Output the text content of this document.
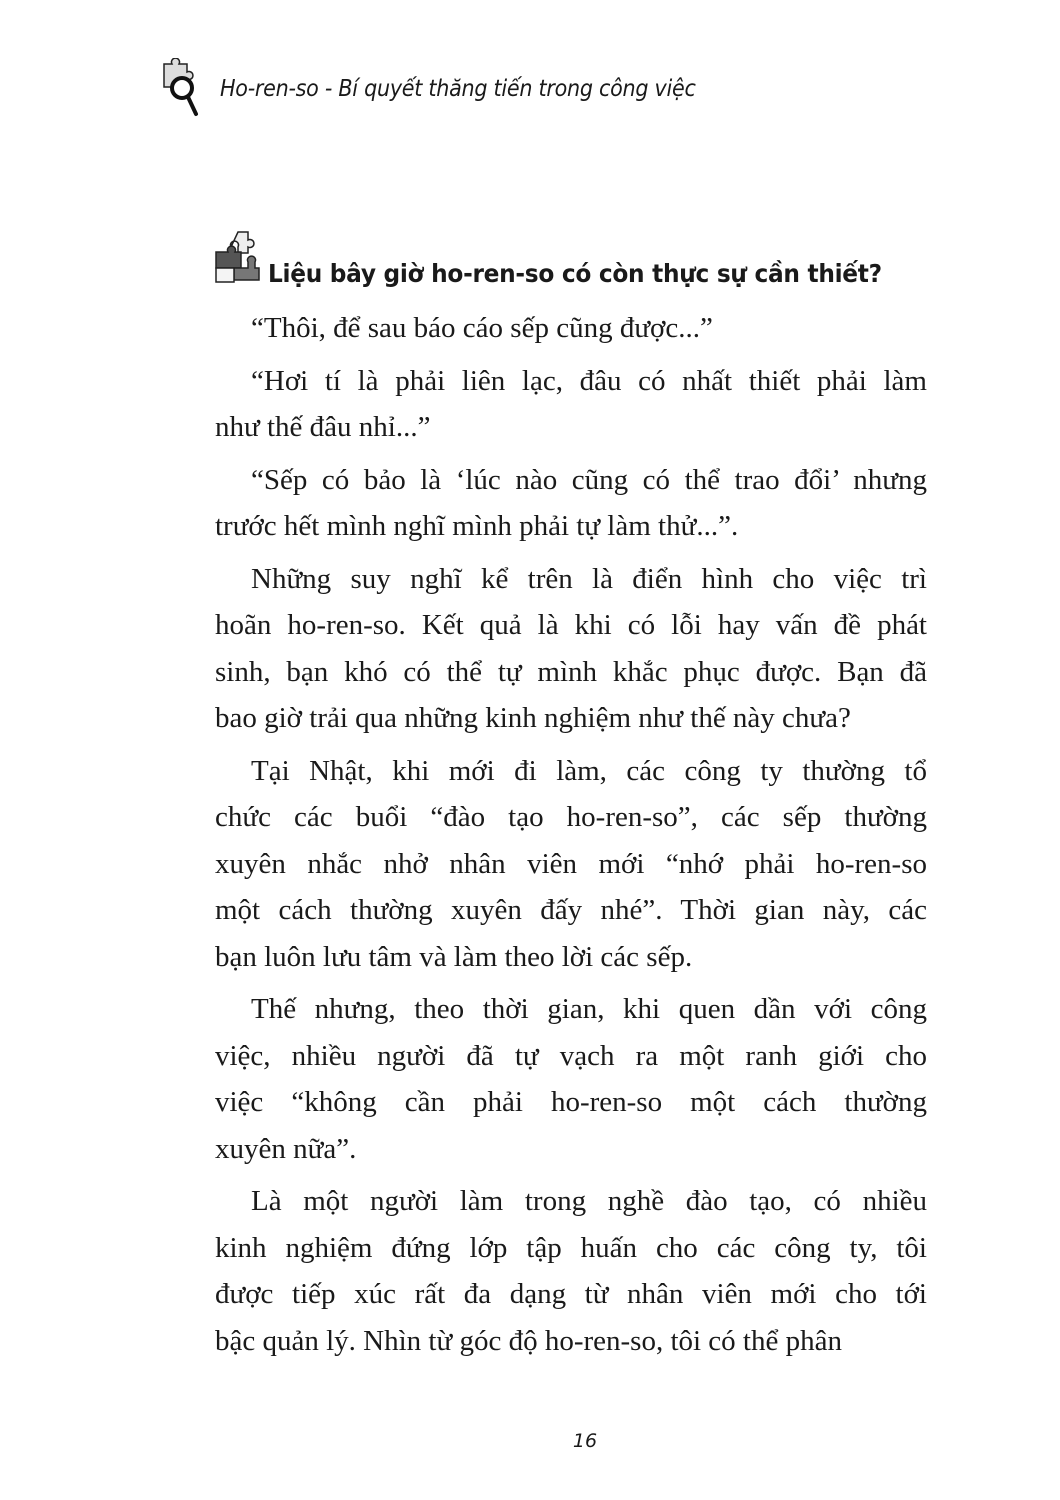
Ho-ren-so - Bí quyết thăng tiến trong công việc
Liệu bây giờ ho-ren-so có còn thực sự cần thiết?
“Thôi, để sau báo cáo sếp cũng được...”
“Hơi tí là phải liên lạc, đâu có nhất thiết phải làm
như thế đâu nhỉ...”
“Sếp có bảo là ‘lúc nào cũng có thể trao đổi’ nhưng
trước hết mình nghĩ mình phải tự làm thử...”.
Những suy nghĩ kể trên là điển hình cho việc trì
hoãn ho-ren-so. Kết quả là khi có lỗi hay vấn đề phát
sinh, bạn khó có thể tự mình khắc phục được. Bạn đã
bao giờ trải qua những kinh nghiệm như thế này chưa?
Tại Nhật, khi mới đi làm, các công ty thường tổ
chức các buổi “đào tạo ho-ren-so”, các sếp thường
xuyên nhắc nhở nhân viên mới “nhớ phải ho-ren-so
một cách thường xuyên đấy nhé”. Thời gian này, các
bạn luôn lưu tâm và làm theo lời các sếp.
Thế nhưng, theo thời gian, khi quen dần với công
việc, nhiều người đã tự vạch ra một ranh giới cho
việc “không cần phải ho-ren-so một cách thường
xuyên nữa”.
Là một người làm trong nghề đào tạo, có nhiều
kinh nghiệm đứng lớp tập huấn cho các công ty, tôi
được tiếp xúc rất đa dạng từ nhân viên mới cho tới
bậc quản lý. Nhìn từ góc độ ho-ren-so, tôi có thể phân
16
